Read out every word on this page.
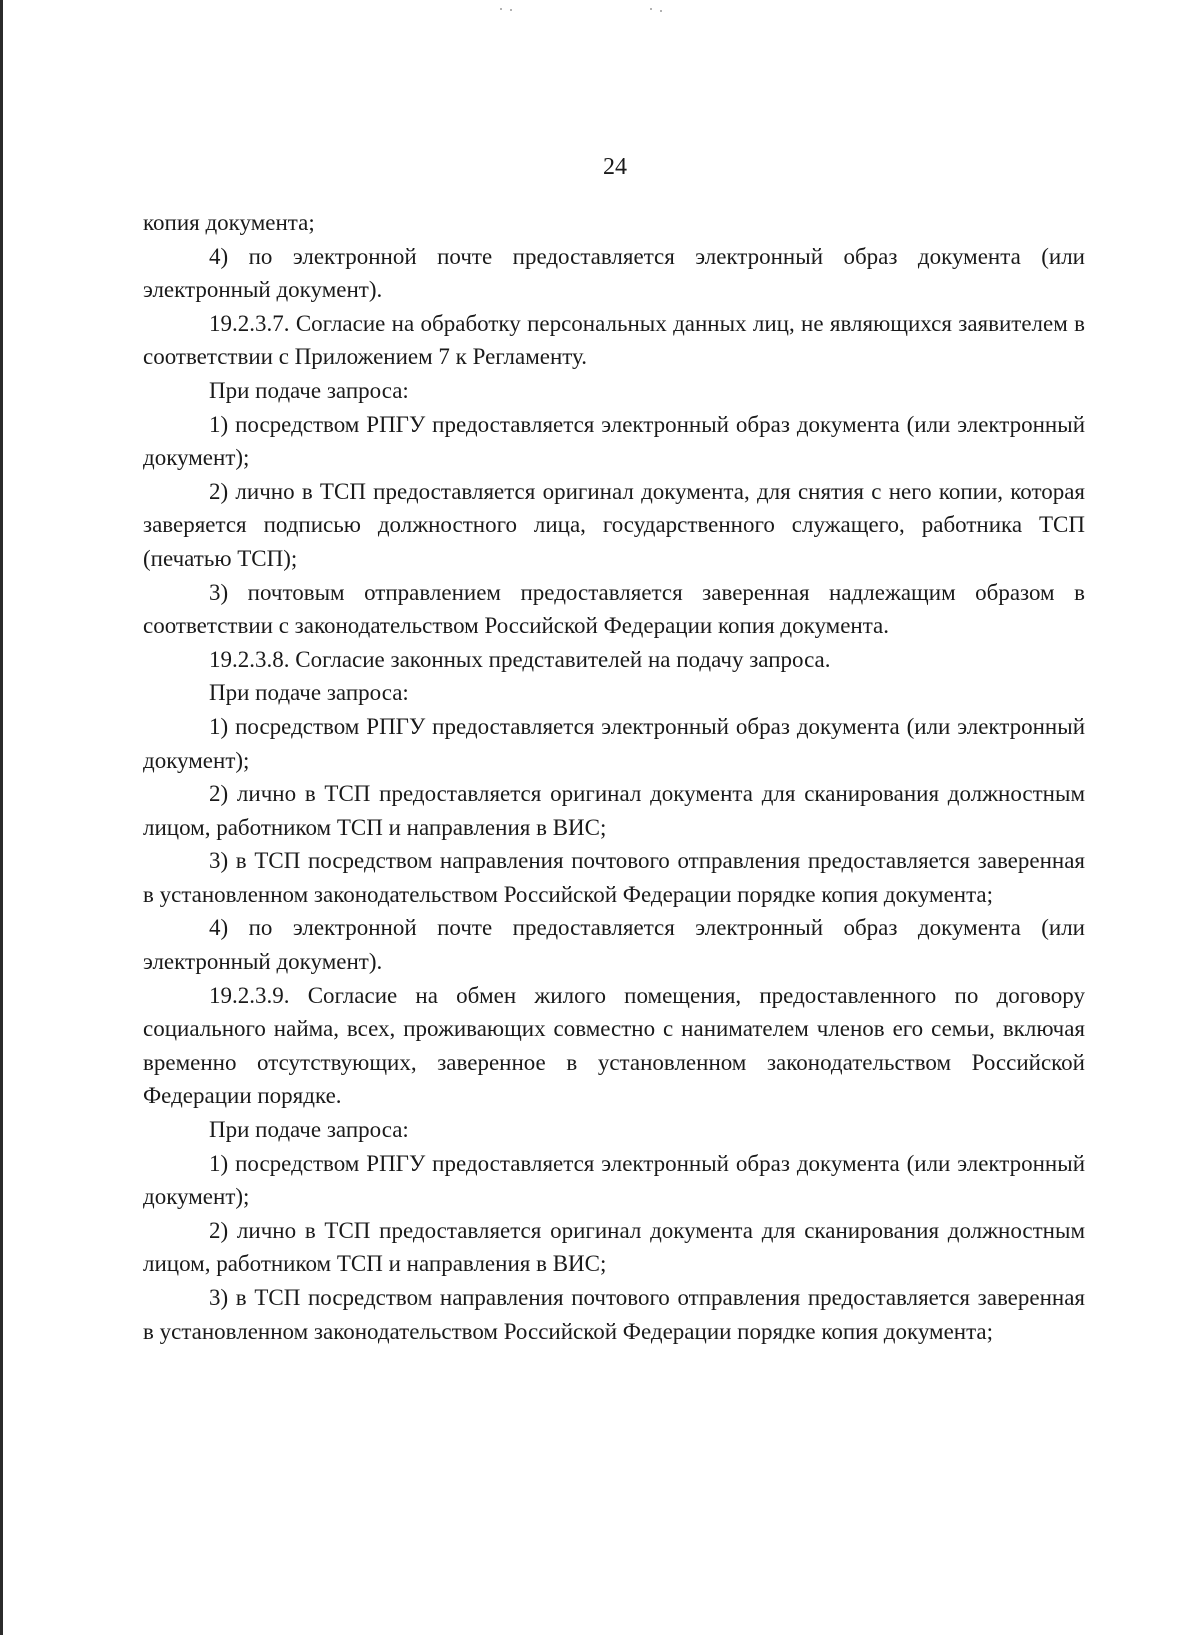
24

копия документа;

4) по электронной почте предоставляется электронный образ документа (или электронный документ).

19.2.3.7. Согласие на обработку персональных данных лиц, не являющихся заявителем в соответствии с Приложением 7 к Регламенту.

При подаче запроса:

1) посредством РПГУ предоставляется электронный образ документа (или электронный документ);

2) лично в ТСП предоставляется оригинал документа, для снятия с него копии, которая заверяется подписью должностного лица, государственного служащего, работника ТСП (печатью ТСП);

3) почтовым отправлением предоставляется заверенная надлежащим образом в соответствии с законодательством Российской Федерации копия документа.

19.2.3.8. Согласие законных представителей на подачу запроса.

При подаче запроса:

1) посредством РПГУ предоставляется электронный образ документа (или электронный документ);

2) лично в ТСП предоставляется оригинал документа для сканирования должностным лицом, работником ТСП и направления в ВИС;

3) в ТСП посредством направления почтового отправления предоставляется заверенная в установленном законодательством Российской Федерации порядке копия документа;

4) по электронной почте предоставляется электронный образ документа (или электронный документ).

19.2.3.9. Согласие на обмен жилого помещения, предоставленного по договору социального найма, всех, проживающих совместно с нанимателем членов его семьи, включая временно отсутствующих, заверенное в установленном законодательством Российской Федерации порядке.

При подаче запроса:

1) посредством РПГУ предоставляется электронный образ документа (или электронный документ);

2) лично в ТСП предоставляется оригинал документа для сканирования должностным лицом, работником ТСП и направления в ВИС;

3) в ТСП посредством направления почтового отправления предоставляется заверенная в установленном законодательством Российской Федерации порядке копия документа;
